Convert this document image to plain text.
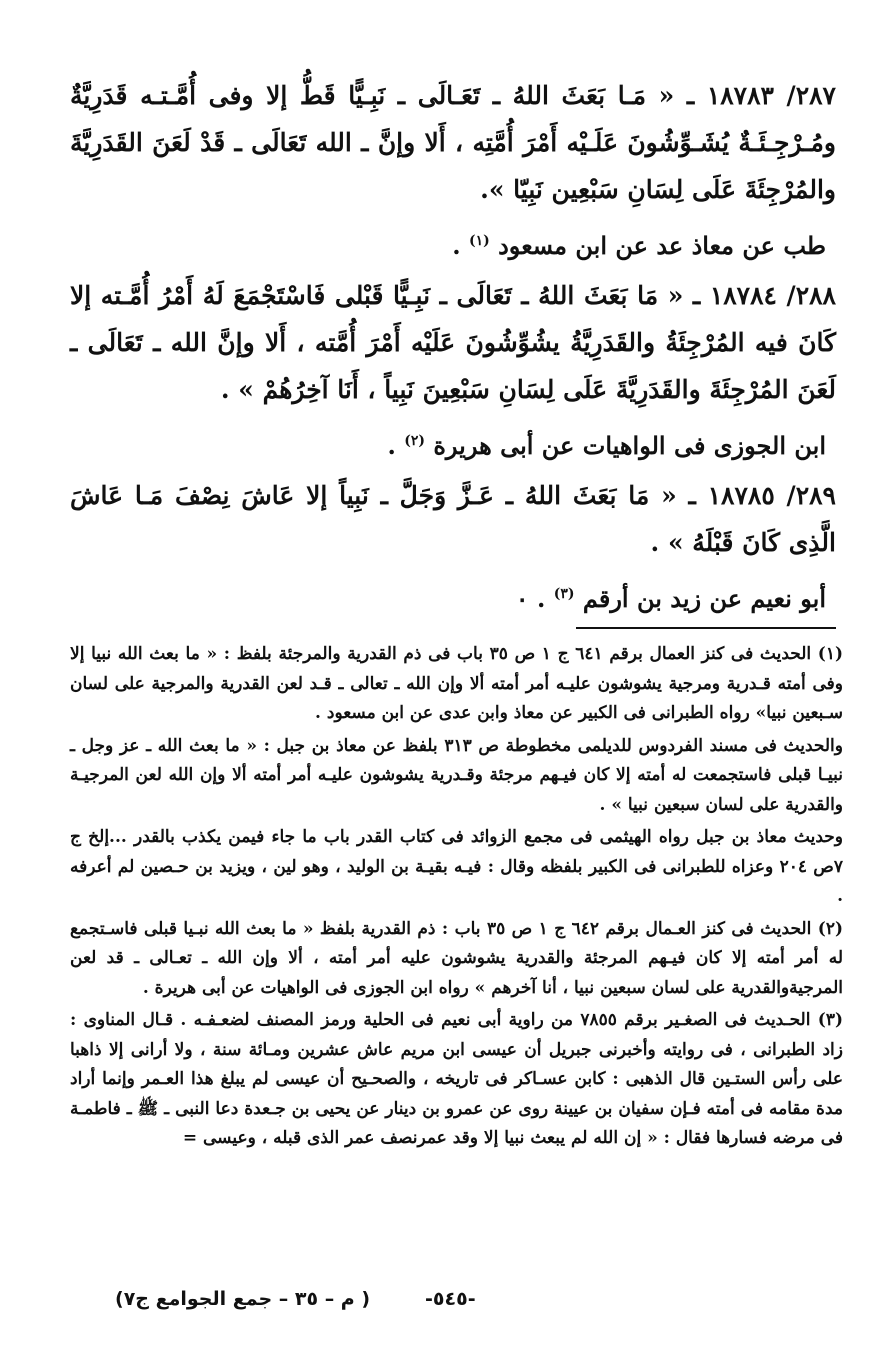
٢٨٧/ ١٨٧٨٣ ـ « مَـا بَعَثَ اللهُ ـ تَعَـالَى ـ نَبِـيًّا قَطُّ إلا وفى أُمَّـتـه قَدَرِيَّةٌ ومُـرْجِـئَـةٌ يُشَـوِّشُونَ عَلَـيْه أَمْرَ أُمَّتِه ، أَلا وإنَّ ـ الله تَعَالَى ـ قَدْ لَعَنَ القَدَرِيَّةَ والمُرْجِئَةَ عَلَى لِسَانِ سَبْعِين نَبِيّا ».

طب عن معاذ عد عن ابن مسعود $^{(١)}$ .

٢٨٨/ ١٨٧٨٤ ـ « مَا بَعَثَ اللهُ ـ تَعَالَى ـ نَبِـيًّا قَبْلى فَاسْتَجْمَعَ لَهُ أَمْرُ أُمَّـته إلا كَانَ فيه المُرْجِئَةُ والقَدَرِيَّةُ يشُوِّشُونَ عَلَيْه أَمْرَ أُمَّته ، أَلا وإنَّ الله ـ تَعَالَى ـ لَعَنَ المُرْجِئَةَ والقَدَرِيَّةَ عَلَى لِسَانِ سَبْعِينَ نَبِياً ، أَنَا آخِرُهُمْ » .

ابن الجوزى فى الواهيات عن أبى هريرة $^{(٢)}$ .

٢٨٩/ ١٨٧٨٥ ـ « مَا بَعَثَ اللهُ ـ عَـزَّ وَجَلَّ ـ نَبِياً إلا عَاشَ نِصْفَ مَـا عَاشَ الَّذِى كَانَ قَبْلَهُ » .

أبو نعيم عن زيد بن أرقم $^{(٣)}$ . ٠

(١) الحديث فى كنز العمال برقم ٦٤١ ج ١ ص ٣٥ باب فى ذم القدرية والمرجئة بلفظ : « ما بعث الله نبيا إلا وفى أمته قـدرية ومرجية يشوشون عليـه أمر أمته ألا وإن الله ـ تعالى ـ قـد لعن القدرية والمرجية على لسان سـبعين نبيا» رواه الطبرانى فى الكبير عن معاذ وابن عدى عن ابن مسعود .

والحديث فى مسند الفردوس للديلمى مخطوطة ص ٣١٣ بلفظ عن معاذ بن جبل : « ما بعث الله ـ عز وجل ـ نبيـا قبلى فاستجمعت له أمته إلا كان فيـهم مرجئة وقـدرية يشوشون عليـه أمر أمته ألا وإن الله لعن المرجيـة والقدرية على لسان سبعين نبيا » .

وحديث معاذ بن جبل رواه الهيثمى فى مجمع الزوائد فى كتاب القدر باب ما جاء فيمن يكذب بالقدر ...إلخ ج ٧ص ٢٠٤ وعزاه للطبرانى فى الكبير بلفظه وقال : فيـه بقيـة بن الوليد ، وهو لين ، ويزيد بن حـصين لم أعرفه .

(٢) الحديث فى كنز العـمال برقم ٦٤٢ ج ١ ص ٣٥ باب : ذم القدرية بلفظ « ما بعث الله نبـيا قبلى فاسـتجمع له أمر أمته إلا كان فيـهم المرجئة والقدرية يشوشون عليه أمر أمته ، ألا وإن الله ـ تعـالى ـ قد لعن المرجيةوالقدرية على لسان سبعين نبيا ، أنا آخرهم » رواه ابن الجوزى فى الواهيات عن أبى هريرة .

(٣) الحـديث فى الصغـير برقم ٧٨٥٥ من راوية أبى نعيم فى الحلية ورمز المصنف لضعـفـه . قـال المناوى : زاد الطبرانى ، فى روايته وأخبرنى جبريل أن عيسى ابن مريم عاش عشرين ومـائة سنة ، ولا أرانى إلا ذاهبا على رأس الستـين قال الذهبى : كابن عسـاكر فى تاريخه ، والصحـيح أن عيسى لم يبلغ هذا العـمر وإنما أراد مدة مقامه فى أمته فـإن سفيان بن عيينة روى عن عمرو بن دينار عن يحيى بن جـعدة دعا النبى ـ ﷺ ـ فاطمـة فى مرضه فسارها فقال : « إن الله لم يبعث نبيا إلا وقد عمرنصف عمر الذى قبله ، وعيسى =

-٥٤٥-
( م – ٣٥ – جمع الجوامع ج٧)
